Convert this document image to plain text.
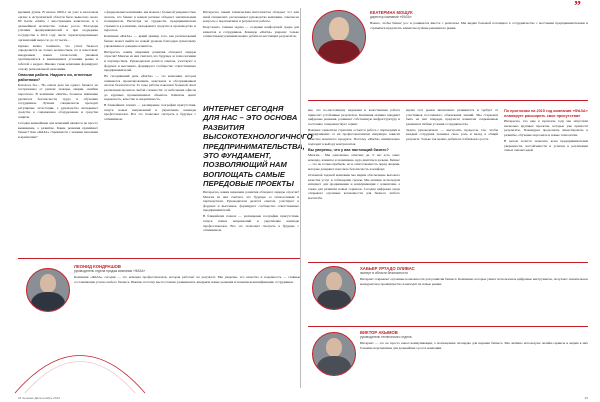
крепким духом. В начале 2000-х на учет в налоговом органе в Астраханской области было вынесено около 80 тысяч «ОАО» с иностранным капиталом, и в дальнейшем количество только росло. Благодаря усилиям предпринимателей и при поддержке государства к 2014 году число зарегистрированных организаций выросло до 12 тысяч…

Однако важно понимать, что успех бизнеса определяется не только количеством, но и качеством: внедрением новых технологий, умением адаптироваться к меняющимся условиям рынка и заботой о кадрах. Именно такие компании формируют основу региональной экономики.

Опасная работа. Надолго ли, огненные работники?

Казалось бы… На самом деле ни одного бизнеса не застраховано от рисков: пожары, аварии, ошибки персонала. В компании «ФАЗА» большое внимание уделяется безопасности труда и обучению сотрудников. Лучшие специалисты проходят регулярные аттестации, а руководство вкладывает средства в современное оборудование и средства защиты.

Сегодня важнейшим для компаний является не просто выживание, а развитие. Какие решения принимает бизнес? Как «ФАЗА» справляется с новыми вызовами и кризисами?

о федеральных компаниях, мы можем с большой уверенностью сказать, что бизнес в нашем регионе обладает значительным потенциалом. Несмотря на трудности, предприниматели стремятся к развитию, вкладывают средства в производство и персонал.

Компания «ФАЗА» — яркий пример того, как региональный бизнес может выйти на новый уровень благодаря грамотному управлению и доверию клиентов.

Интересно, каким видением развития обладают лидеры отрасли? Многие из них считают, что будущее за технологиями и партнерством. Руководители делятся опытом, участвуют в форумах и выставках, формируют сообщество ответственных предпринимателей.

На сегодняшний день «ФАЗА» — это компания, которая занимается проектированием, монтажом и обслуживанием систем безопасности. За годы работы накоплен большой опыт реализации проектов любой сложности: от небольших офисов до крупных промышленных объектов. Клиенты ценят надежность, качество и оперативность.

В ближайших планах — расширение географии присутствия, запуск новых направлений и укрепление команды профессионалов. Все это позволяет смотреть в будущее с оптимизмом.

Интересно, каким техническим интеллектом обладает тот или иной специалист, рассказывает руководство компании, отвечая на вопросы о перспективах и результатах работы.

Безусловно, главная задача — создание комфортной среды для клиентов и сотрудников. Команда «ФАЗА» уверена: только совместными усилиями можно добиться настоящих результатов.

ИНТЕРНЕТ СЕГОДНЯ ДЛЯ НАС – ЭТО ОСНОВА РАЗВИТИЯ ВЫСОКОТЕХНОЛОГИЧНОГО ПРЕДПРИНИМАТЕЛЬСТВА, ЭТО ФУНДАМЕНТ, ПОЗВОЛЯЮЩИЙ НАМ ВОПЛОЩАТЬ САМЫЕ ПЕРЕДОВЫЕ ПРОЕКТЫ

Интересно, каким видением развития обладают лидеры отрасли? Многие из них считают, что будущее за технологиями и партнерством. Руководители делятся опытом, участвуют в форумах и выставках, формируют сообщество ответственных предпринимателей.

В ближайших планах — расширение географии присутствия, запуск новых направлений и укрепление команды профессионалов. Все это позволяет смотреть в будущее с оптимизмом.

ЛЕОНИД КОНДРАШОВ
руководитель отдела продаж компании «ФАЗА»

Компания «ФАЗА» сегодня — это команда профессионалов, которая работает на результат. Мы уверены, что качество и надежность — главные составляющие успеха любого бизнеса. Именно поэтому мы постоянно развиваемся, внедряем новые решения и повышаем квалификацию сотрудников.

24 Человек Дела ноябрь 2014

мы, что по-настоящему надежная и качественная работа приносит устойчивые результаты. Компания активно внедряет цифровые решения, развивает собственную инфраструктуру и постоянно совершенствует сервис.

Важным элементом стратегии остается работа с партнерами и подрядчиками: от их профессионализма напрямую зависит качество конечного продукта. Поэтому «ФАЗА» внимательно подходит к выбору контрагентов.

Вы уверены, что у вас настоящий бизнес?

Многие… Мы однозначно ответим: да. У нас есть опыт, команда, клиенты и понимание, куда двигаться дальше. Бизнес — это не только прибыль, но и ответственность перед людьми, которые доверяют нам свою безопасность и комфорт.

Основной задачей компании мы видим обеспечение высокого качества услуг и соблюдение сроков. Мы активно используем интернет для продвижения и коммуникации с клиентами, а также для развития новых сервисов. Сегодня цифровая среда открывает огромные возможности для бизнеса любого масштаба.

время этот рынок интенсивно развивается и требует от участников постоянного обновления знаний. Мы стараемся быть на шаг впереди, предлагая клиентам современные решения и гибкие условия сотрудничества.

Задача руководителя — выстроить процессы так, чтобы каждый сотрудник понимал свою роль и вклад в общий результат. Только так можно добиться стабильного роста.

По прогнозам на 2015 год компания «ФАЗА» планирует расширить свое присутствие

Интересно, что еще в прошлом году мы запустили несколько крупных проектов, которые уже приносят результаты. Планируем продолжать инвестировать в развитие, обучение персонала и новые технологии.

В целом хочется пожелать всем предпринимателям уверенности, настойчивости и успехов в реализации самых смелых идей.

ЕКАТЕРИНА МОЩУК
директор компании «ФАЗА»

Важно, чтобы бизнес рос и развивался вместе с регионом. Мы видим большой потенциал в сотрудничестве с местными предпринимателями и стремимся предлагать клиентам лучшие решения на рынке.

”
ХАБЬЕР УРТАДО ОЛИВАС
эксперт в области безопасности

Интернет открывает огромные возможности для развития бизнеса. Компании, которые умеют использовать цифровые инструменты, получают значительное конкурентное преимущество и выходят на новые рынки.

ВИКТОР АКЫМОВ
руководитель технического отдела

Интернет — это не просто канал коммуникации, а полноценная площадка для ведения бизнеса. Мы активно используем онлайн-сервисы и видим в них большие перспективы для дальнейшего роста компании.

25
